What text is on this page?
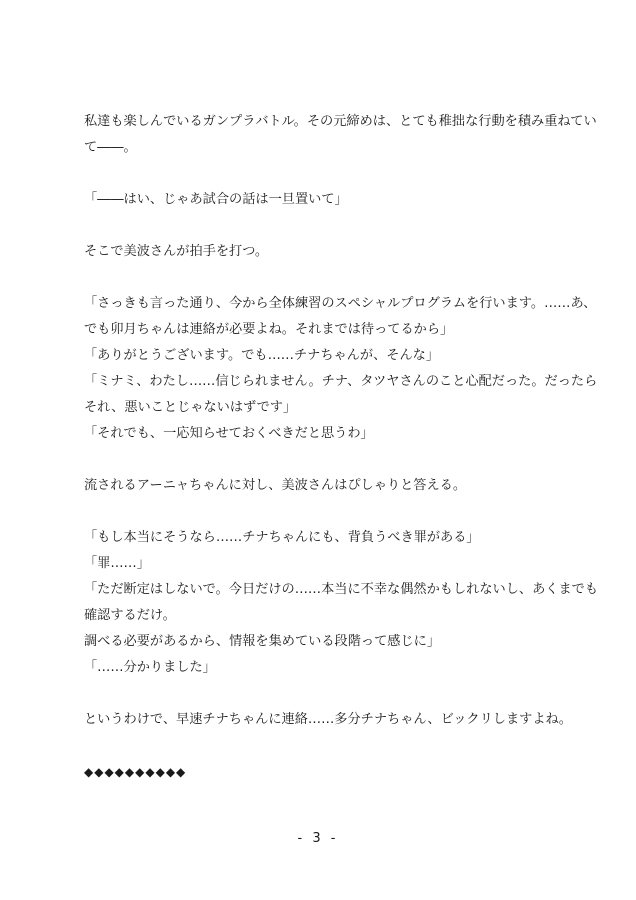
私達も楽しんでいるガンプラバトル。その元締めは、とても稚拙な行動を積み重ねてい

て――。

「――はい、じゃあ試合の話は一旦置いて」

そこで美波さんが拍手を打つ。

「さっきも言った通り、今から全体練習のスペシャルプログラムを行います。……あ、

でも卯月ちゃんは連絡が必要よね。それまでは待ってるから」

「ありがとうございます。でも……チナちゃんが、そんな」

「ミナミ、わたし……信じられません。チナ、タツヤさんのこと心配だった。だったら

それ、悪いことじゃないはずです」

「それでも、一応知らせておくべきだと思うわ」

流されるアーニャちゃんに対し、美波さんはぴしゃりと答える。

「もし本当にそうなら……チナちゃんにも、背負うべき罪がある」

「罪……」

「ただ断定はしないで。今日だけの……本当に不幸な偶然かもしれないし、あくまでも

確認するだけ。

調べる必要があるから、情報を集めている段階って感じに」

「……分かりました」

というわけで、早速チナちゃんに連絡……多分チナちゃん、ビックリしますよね。

◆◆◆◆◆◆◆◆◆◆

- 3 -
